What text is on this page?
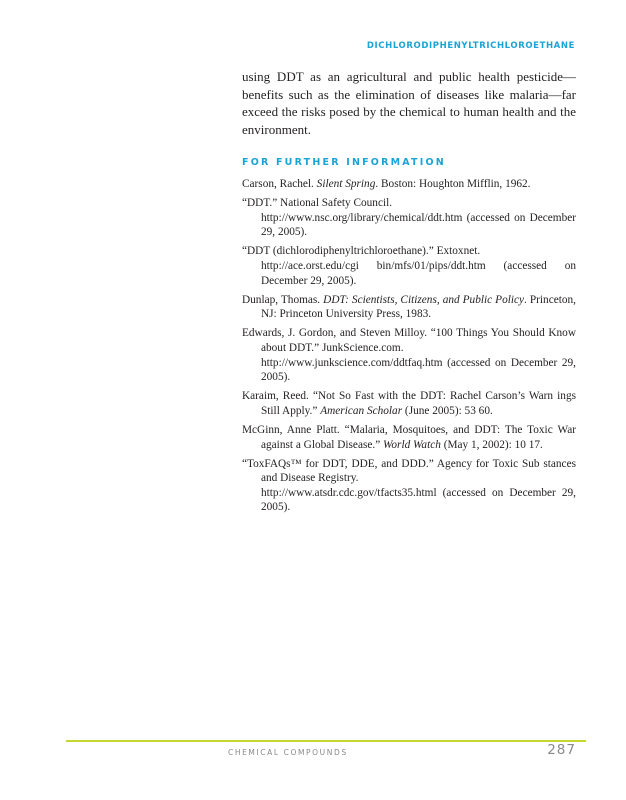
DICHLORODIPHENYLTRICHLOROETHANE

using DDT as an agricultural and public health pesticide—benefits such as the elimination of diseases like malaria—far exceed the risks posed by the chemical to human health and the environment.

FOR FURTHER INFORMATION
Carson, Rachel. Silent Spring. Boston: Houghton Mifflin, 1962.
“DDT.” National Safety Council.
http://www.nsc.org/library/chemical/ddt.htm (accessed on December 29, 2005).
“DDT (dichlorodiphenyltrichloroethane).” Extoxnet.
http://ace.orst.edu/cgi bin/mfs/01/pips/ddt.htm (accessed on December 29, 2005).
Dunlap, Thomas. DDT: Scientists, Citizens, and Public Policy. Princeton, NJ: Princeton University Press, 1983.
Edwards, J. Gordon, and Steven Milloy. “100 Things You Should Know about DDT.” JunkScience.com.
http://www.junkscience.com/ddtfaq.htm (accessed on December 29, 2005).
Karaim, Reed. “Not So Fast with the DDT: Rachel Carson’s Warn ings Still Apply.” American Scholar (June 2005): 53 60.
McGinn, Anne Platt. “Malaria, Mosquitoes, and DDT: The Toxic War against a Global Disease.” World Watch (May 1, 2002): 10 17.
“ToxFAQs™ for DDT, DDE, and DDD.” Agency for Toxic Sub stances and Disease Registry.
http://www.atsdr.cdc.gov/tfacts35.html (accessed on December 29, 2005).
CHEMICAL COMPOUNDS	287
